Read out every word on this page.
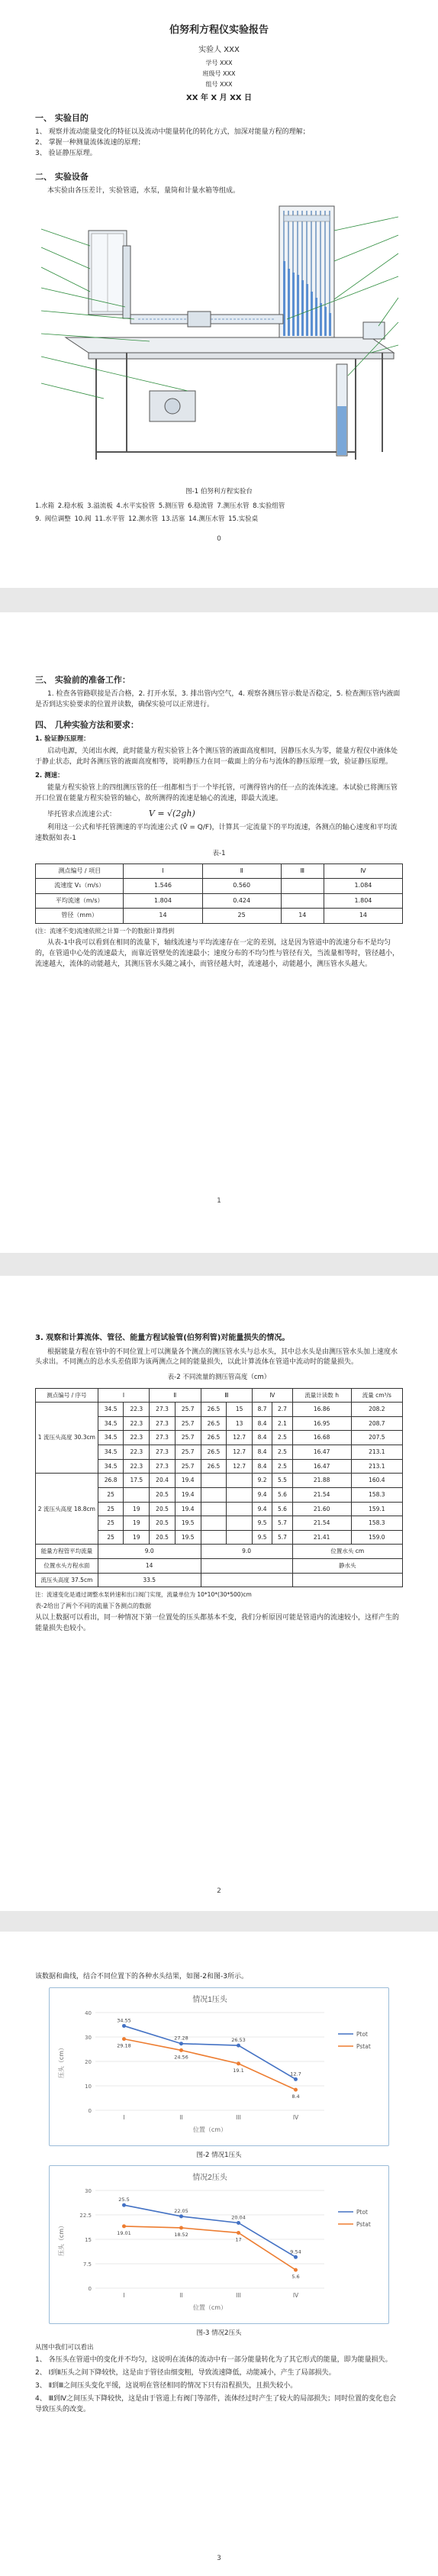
伯努利方程仪实验报告
实验人 XXX
学号 XXX
班级号 XXX
组号 XXX
XX 年 X 月 XX 日
一、 实验目的
1、 观察并流动能量变化的特征以及流动中能量转化的转化方式，加深对能量方程的理解；
2、 掌握一种测量流体流速的原理；
3、 验证静压原理。
二、 实验设备

本实验由各压差计，实验管道，水泵，量筒和计量水箱等组成。

图-1 伯努利方程实验台
1.水箱 2.稳水板 3.溢流板 4.水平实验管 5.测压管 6.稳流管 7.测压水管 8.实验组管
9. 阀位调整 10.阀 11.水平管 12.测水管 13.活塞 14.测压水管 15.实验桌
0
三、 实验前的准备工作：

1. 检查各管路联接是否合格，2. 打开水泵，3. 排出管内空气，4. 观察各测压管示数是否稳定，5. 检查测压管内液面是否到达实验要求的位置并读数，确保实验可以正常进行。

四、 几种实验方法和要求：
1. 验证静压原理：

启动电源，关闭出水阀，此时能量方程实验管上各个测压管的液面高度相同，因静压水头为零，能量方程仪中液体处于静止状态，此时各测压管的液面高度相等，说明静压力在同一截面上的分布与流体的静压原理一致，验证静压原理。

2. 测速：

能量方程实验管上的四组测压管的任一组都相当于一个毕托管，可测得管内的任一点的流体流速。本试验已将测压管开口位置在能量方程实验管的轴心，故所测得的流速是轴心的流速，即最大流速。

毕托管求点流速公式：	V = √(2gh)

利用这一公式和毕托管测速的平均流速公式 (V̄ = Q/F)，计算其一定流量下的平均流速，各测点的轴心速度和平均流速数据如表-1

表-1
测点编号 / 项目	Ⅰ	Ⅱ	Ⅲ	Ⅳ
流速度 V₁（m/s）	1.546	0.560		1.084
平均流速（m/s）	1.804	0.424		1.804
管径（mm）	14	25	14	14

(注：流速不变)流速依照之计算一个的数据计算得到

从表-1中我可以看到在相同的流量下，轴线流速与平均流速存在一定的差别，这是因为管道中的流速分布不是均匀的，在管道中心处的流速最大，而靠近管壁处的流速最小；速度分布的不均匀性与管径有关，当流量相等时，管径越小，流速越大，流体的动能越大，其测压管水头随之减小，而管径越大时，流速越小，动能越小，测压管水头越大。

1
3. 观察和计算流体、管径、能量方程试验管(伯努利管)对能量损失的情况。

根据能量方程在管中的不同位置上可以测量各个测点的测压管水头与总水头，其中总水头是由测压管水头加上速度水头求出。不同测点的总水头差值即为该两测点之间的能量损失，以此计算流体在管道中流动时的能量损失。

表-2 不同流量的测压管高度（cm）
测点编号 / 序号	Ⅰ		Ⅱ		Ⅲ		Ⅳ		流量计读数 h	流量 cm³/s
1 流压头高度 30.3cm	34.5	22.3	27.3	25.7	26.5	15	8.7	2.7	16.86	208.2
	34.5	22.3	27.3	25.7	26.5	13	8.4	2.1	16.95	208.7
	34.5	22.3	27.3	25.7	26.5	12.7	8.4	2.5	16.68	207.5
	34.5	22.3	27.3	25.7	26.5	12.7	8.4	2.5	16.47	213.1
	34.5	22.3	27.3	25.7	26.5	12.7	8.4	2.5	16.47	213.1
2 流压头高度 18.8cm	26.8	17.5	20.4	19.4			9.2	5.5	21.88	160.4
	25		20.5	19.4			9.4	5.6	21.54	158.3
	25	19	20.5	19.4			9.4	5.6	21.60	159.1
	25	19	20.5	19.5			9.5	5.7	21.54	158.3
	25	19	20.5	19.5			9.5	5.7	21.41	159.0
能量方程管平均流量	9.0				9.0				位置水头 cm	
位置水头方程水面	14								静水头	
流压头高度 37.5cm	33.5									

注：流速变化是通过调整水泵转速和出口阀门实现，流量单位为 10*10*(30*500)cm

表-2给出了两个不同的流量下各测点的数据

从以上数据可以看出，同一种情况下第一位置处的压头都基本不变，我们分析原因可能是管道内的流速较小，这样产生的能量损失也较小。

2

该数据和曲线，结合不同位置下的各种水头结果，如图-2和图-3所示。

情况1压头
0
10
20
30
40
I	II	III	IV
位置（cm）
压头（cm）
34.55
27.28	26.53
12.7
Ptot
29.18
24.56
19.1
8.4
Pstat
图-2 情况1压头
情况2压头
0
7.5
15
22.5
30
I	II	III	IV
位置（cm）
压头（cm）
25.5
22.05
20.04
9.54
Ptot
19.01	18.52
17
5.6
Pstat
图-3 情况2压头
从图中我们可以看出

1、 各压头在管道中的变化并不均匀，这说明在流体的流动中有一部分能量转化为了其它形式的能量，即为能量损失。

2、 Ⅰ到Ⅱ压头之间下降较快，这是由于管径由细变粗，导致流速降低，动能减小，产生了局部损失。

3、 Ⅱ到Ⅲ之间压头变化平缓，这说明在管径相同的情况下只有沿程损失，且损失较小。

4、 Ⅲ到Ⅳ之间压头下降较快，这是由于管道上有阀门等部件，流体经过时产生了较大的局部损失；同时位置的变化也会导致压头的改变。

3
